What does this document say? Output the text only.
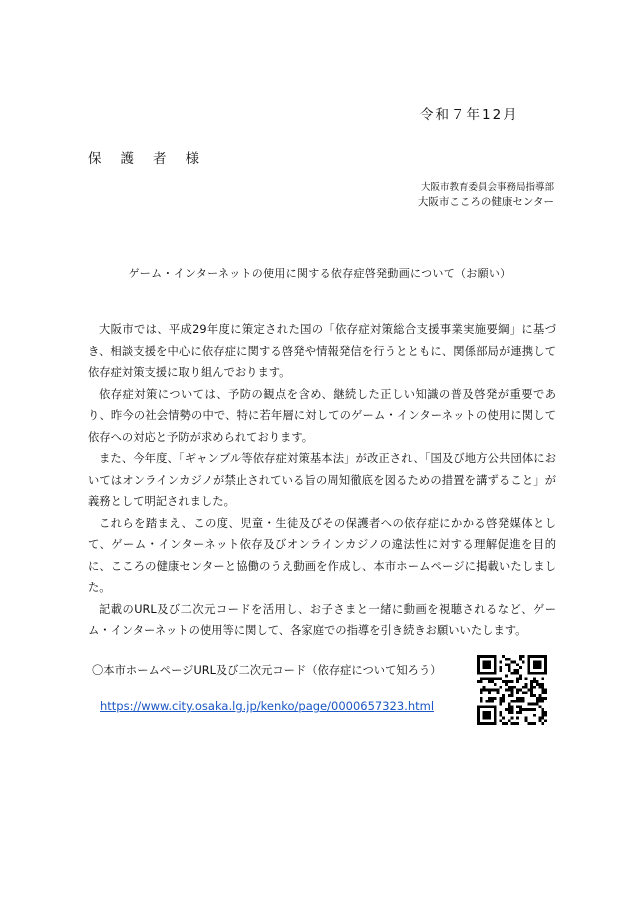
令和７年12月
保護者様
大阪市教育委員会事務局指導部
大阪市こころの健康センター
ゲーム・インターネットの使用に関する依存症啓発動画について（お願い）

大阪市では、平成29年度に策定された国の「依存症対策総合支援事業実施要綱」に基づき、相談支援を中心に依存症に関する啓発や情報発信を行うとともに、関係部局が連携して依存症対策支援に取り組んでおります。

依存症対策については、予防の観点を含め、継続した正しい知識の普及啓発が重要であり、昨今の社会情勢の中で、特に若年層に対してのゲーム・インターネットの使用に関して依存への対応と予防が求められております。

また、今年度、「ギャンブル等依存症対策基本法」が改正され、「国及び地方公共団体においてはオンラインカジノが禁止されている旨の周知徹底を図るための措置を講ずること」が義務として明記されました。

これらを踏まえ、この度、児童・生徒及びその保護者への依存症にかかる啓発媒体として、ゲーム・インターネット依存及びオンラインカジノの違法性に対する理解促進を目的に、こころの健康センターと協働のうえ動画を作成し、本市ホームページに掲載いたしました。

記載のURL及び二次元コードを活用し、お子さまと一緒に動画を視聴されるなど、ゲーム・インターネットの使用等に関して、各家庭での指導を引き続きお願いいたします。

〇本市ホームページURL及び二次元コード（依存症について知ろう）
https://www.city.osaka.lg.jp/kenko/page/0000657323.html
